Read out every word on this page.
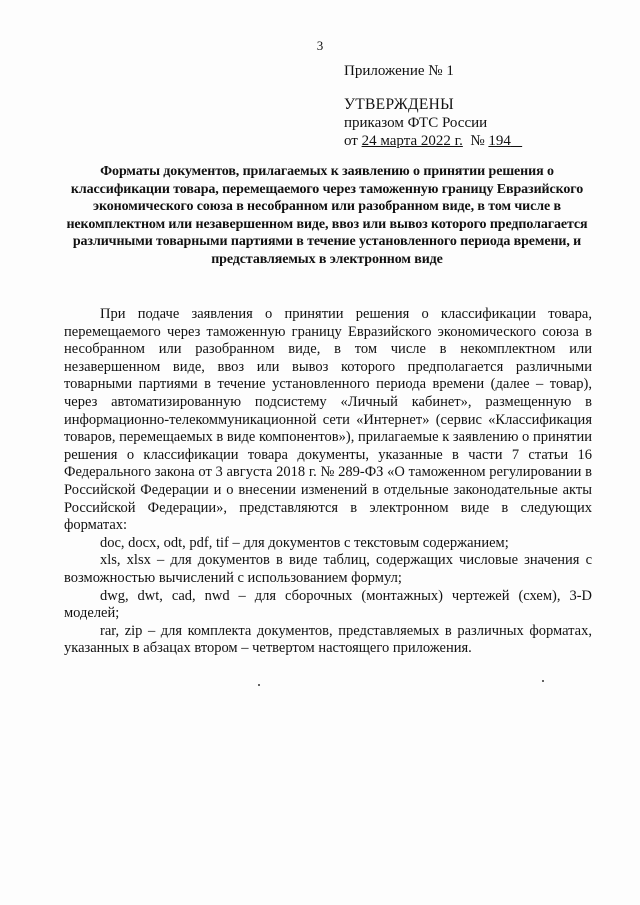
3
Приложение № 1
УТВЕРЖДЕНЫ
приказом ФТС России
от 24 марта 2022 г. № 194
Форматы документов, прилагаемых к заявлению о принятии решения о классификации товара, перемещаемого через таможенную границу Евразийского экономического союза в несобранном или разобранном виде, в том числе в некомплектном или незавершенном виде, ввоз или вывоз которого предполагается различными товарными партиями в течение установленного периода времени, и представляемых в электронном виде

При подаче заявления о принятии решения о классификации товара, перемещаемого через таможенную границу Евразийского экономического союза в несобранном или разобранном виде, в том числе в некомплектном или незавершенном виде, ввоз или вывоз которого предполагается различными товарными партиями в течение установленного периода времени (далее – товар), через автоматизированную подсистему «Личный кабинет», размещенную в информационно-телекоммуникационной сети «Интернет» (сервис «Классификация товаров, перемещаемых в виде компонентов»), прилагаемые к заявлению о принятии решения о классификации товара документы, указанные в части 7 статьи 16 Федерального закона от 3 августа 2018 г. № 289-ФЗ «О таможенном регулировании в Российской Федерации и о внесении изменений в отдельные законодательные акты Российской Федерации», представляются в электронном виде в следующих форматах:

doc, docx, odt, pdf, tif – для документов с текстовым содержанием;

xls, xlsx – для документов в виде таблиц, содержащих числовые значения с возможностью вычислений с использованием формул;

dwg, dwt, cad, nwd – для сборочных (монтажных) чертежей (схем), 3-D моделей;

rar, zip – для комплекта документов, представляемых в различных форматах, указанных в абзацах втором – четвертом настоящего приложения.
